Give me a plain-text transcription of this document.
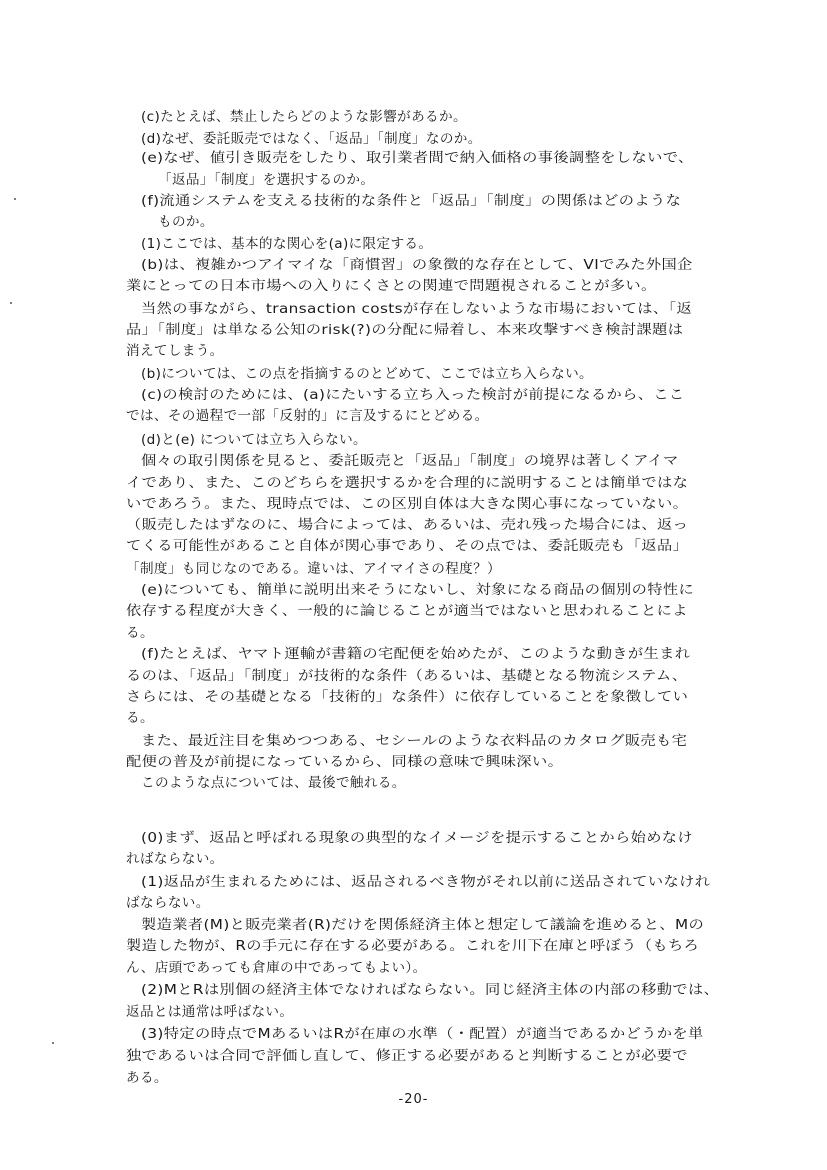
(c)たとえば、禁止したらどのような影響があるか。
(d)なぜ、委託販売ではなく、「返品」「制度」なのか。
(e)なぜ、値引き販売をしたり、取引業者間で納入価格の事後調整をしないで、
「返品」「制度」を選択するのか。
(f)流通システムを支える技術的な条件と「返品」「制度」の関係はどのような
ものか。
(1)ここでは、基本的な関心を(a)に限定する。
(b)は、複雑かつアイマイな「商慣習」の象徴的な存在として、VIでみた外国企
業にとっての日本市場への入りにくさとの関連で問題視されることが多い。
当然の事ながら、transaction costsが存在しないような市場においては、「返
品」「制度」は単なる公知のrisk(?)の分配に帰着し、本来攻撃すべき検討課題は
消えてしまう。
(b)については、この点を指摘するのとどめて、ここでは立ち入らない。
(c)の検討のためには、(a)にたいする立ち入った検討が前提になるから、ここ
では、その過程で一部「反射的」に言及するにとどめる。
(d)と(e) については立ち入らない。
個々の取引関係を見ると、委託販売と「返品」「制度」の境界は著しくアイマ
イであり、また、このどちらを選択するかを合理的に説明することは簡単ではな
いであろう。また、現時点では、この区別自体は大きな関心事になっていない。
（販売したはずなのに、場合によっては、あるいは、売れ残った場合には、返っ
てくる可能性があること自体が関心事であり、その点では、委託販売も「返品」
「制度」も同じなのである。違いは、アイマイさの程度？）
(e)についても、簡単に説明出来そうにないし、対象になる商品の個別の特性に
依存する程度が大きく、一般的に論じることが適当ではないと思われることによ
る。
(f)たとえば、ヤマト運輸が書籍の宅配便を始めたが、このような動きが生まれ
るのは、「返品」「制度」が技術的な条件（あるいは、基礎となる物流システム、
さらには、その基礎となる「技術的」な条件）に依存していることを象徴してい
る。
また、最近注目を集めつつある、セシールのような衣料品のカタログ販売も宅
配便の普及が前提になっているから、同様の意味で興味深い。
このような点については、最後で触れる。
(0)まず、返品と呼ばれる現象の典型的なイメージを提示することから始めなけ
ればならない。
(1)返品が生まれるためには、返品されるべき物がそれ以前に送品されていなけれ
ばならない。
製造業者(M)と販売業者(R)だけを関係経済主体と想定して議論を進めると、Mの
製造した物が、Rの手元に存在する必要がある。これを川下在庫と呼ぼう（もちろ
ん、店頭であっても倉庫の中であってもよい）。
(2)MとRは別個の経済主体でなければならない。同じ経済主体の内部の移動では、
返品とは通常は呼ばない。
(3)特定の時点でMあるいはRが在庫の水準（・配置）が適当であるかどうかを単
独であるいは合同で評価し直して、修正する必要があると判断することが必要で
ある。
-20-
